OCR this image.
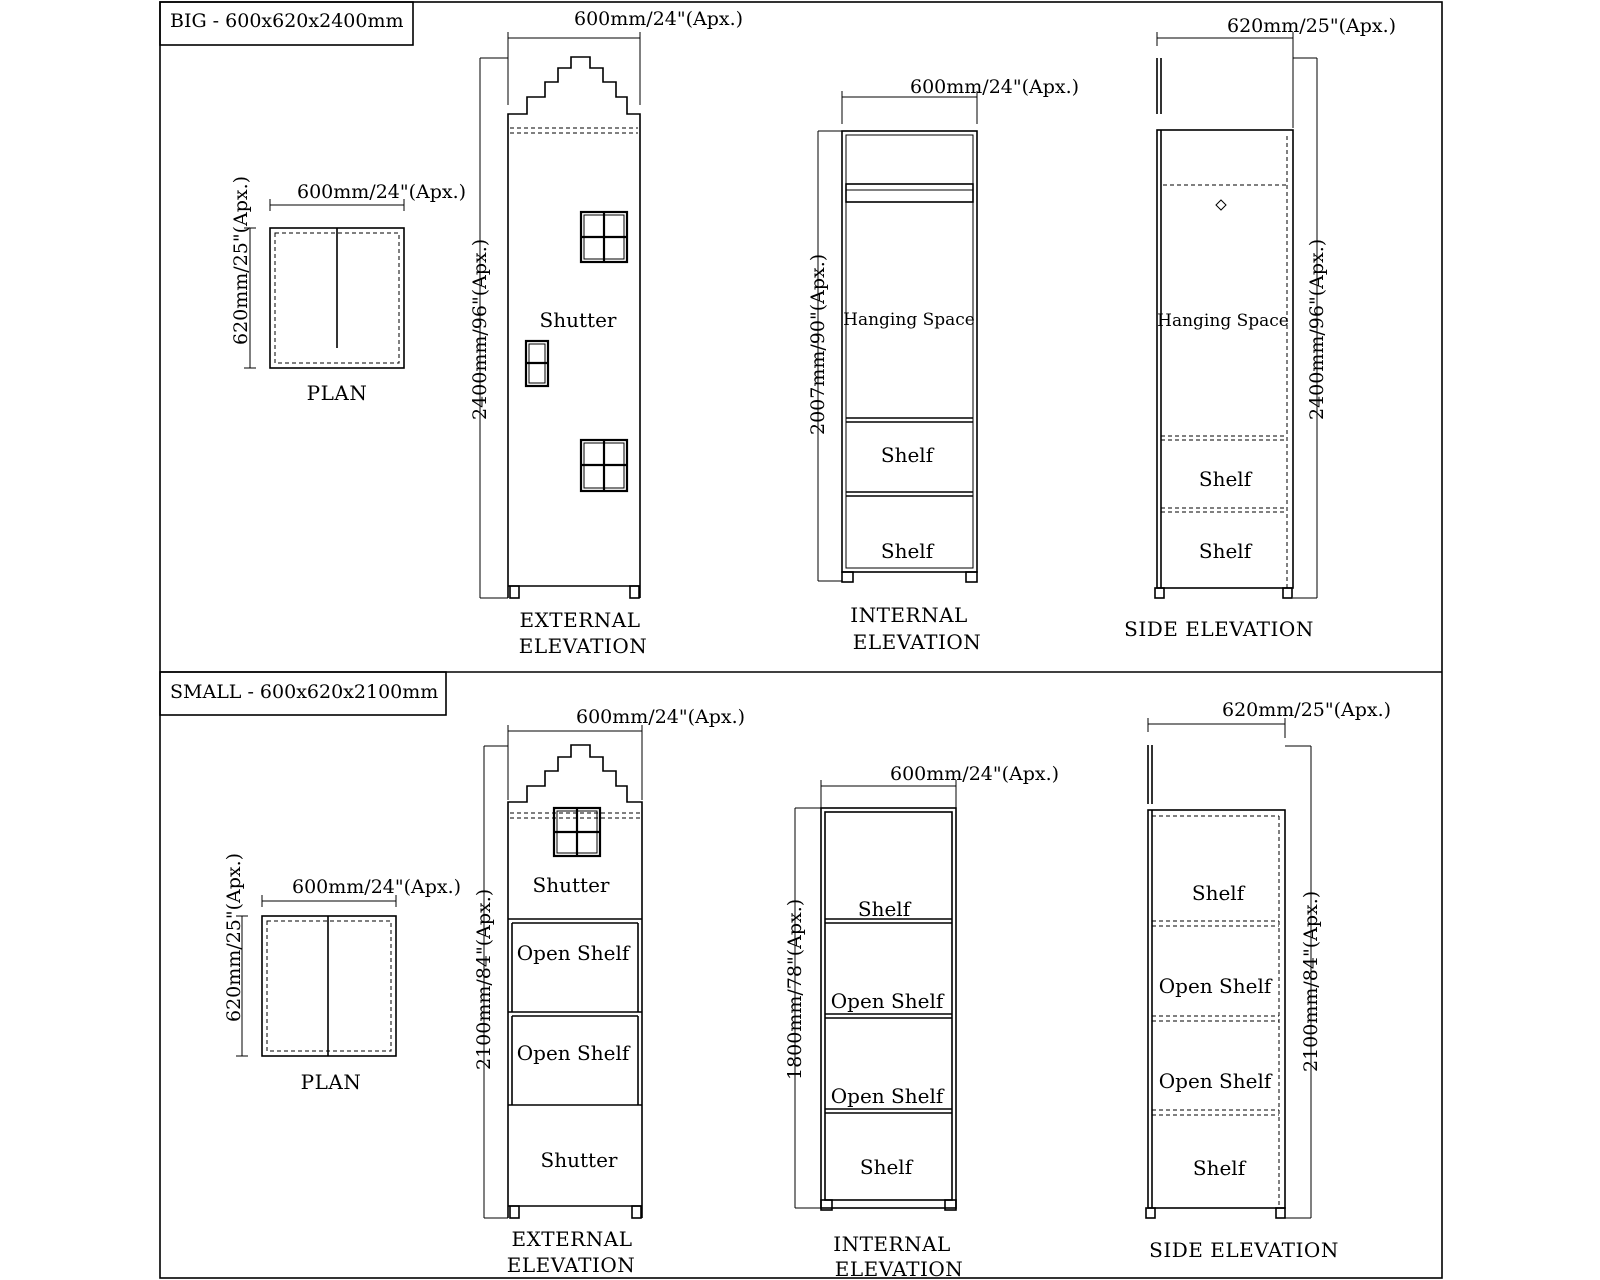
BIG - 600x620x2400mm
600mm/24"(Apx.)
620mm/25"(Apx.)
PLAN
600mm/24"(Apx.)
2400mm/96"(Apx.) Shutter
EXTERNAL
ELEVATION
600mm/24"(Apx.)
2007mm/90"(Apx.) Hanging Space
Shelf
Shelf
INTERNAL
ELEVATION
620mm/25"(Apx.)
2400mm/96"(Apx.)
Hanging Space
Shelf
Shelf
SIDE ELEVATION
SMALL - 600x620x2100mm
600mm/24"(Apx.)
620mm/25"(Apx.)
PLAN
600mm/24"(Apx.)
2100mm/84"(Apx.)
Shutter
Open Shelf
Open Shelf
Shutter
EXTERNAL
ELEVATION
600mm/24"(Apx.)
1800mm/78"(Apx.)	Shelf
Open Shelf
Open Shelf
Shelf
INTERNAL
ELEVATION
620mm/25"(Apx.)
2100mm/84"(Apx.)
Shelf
Open Shelf
Open Shelf
Shelf
SIDE ELEVATION
